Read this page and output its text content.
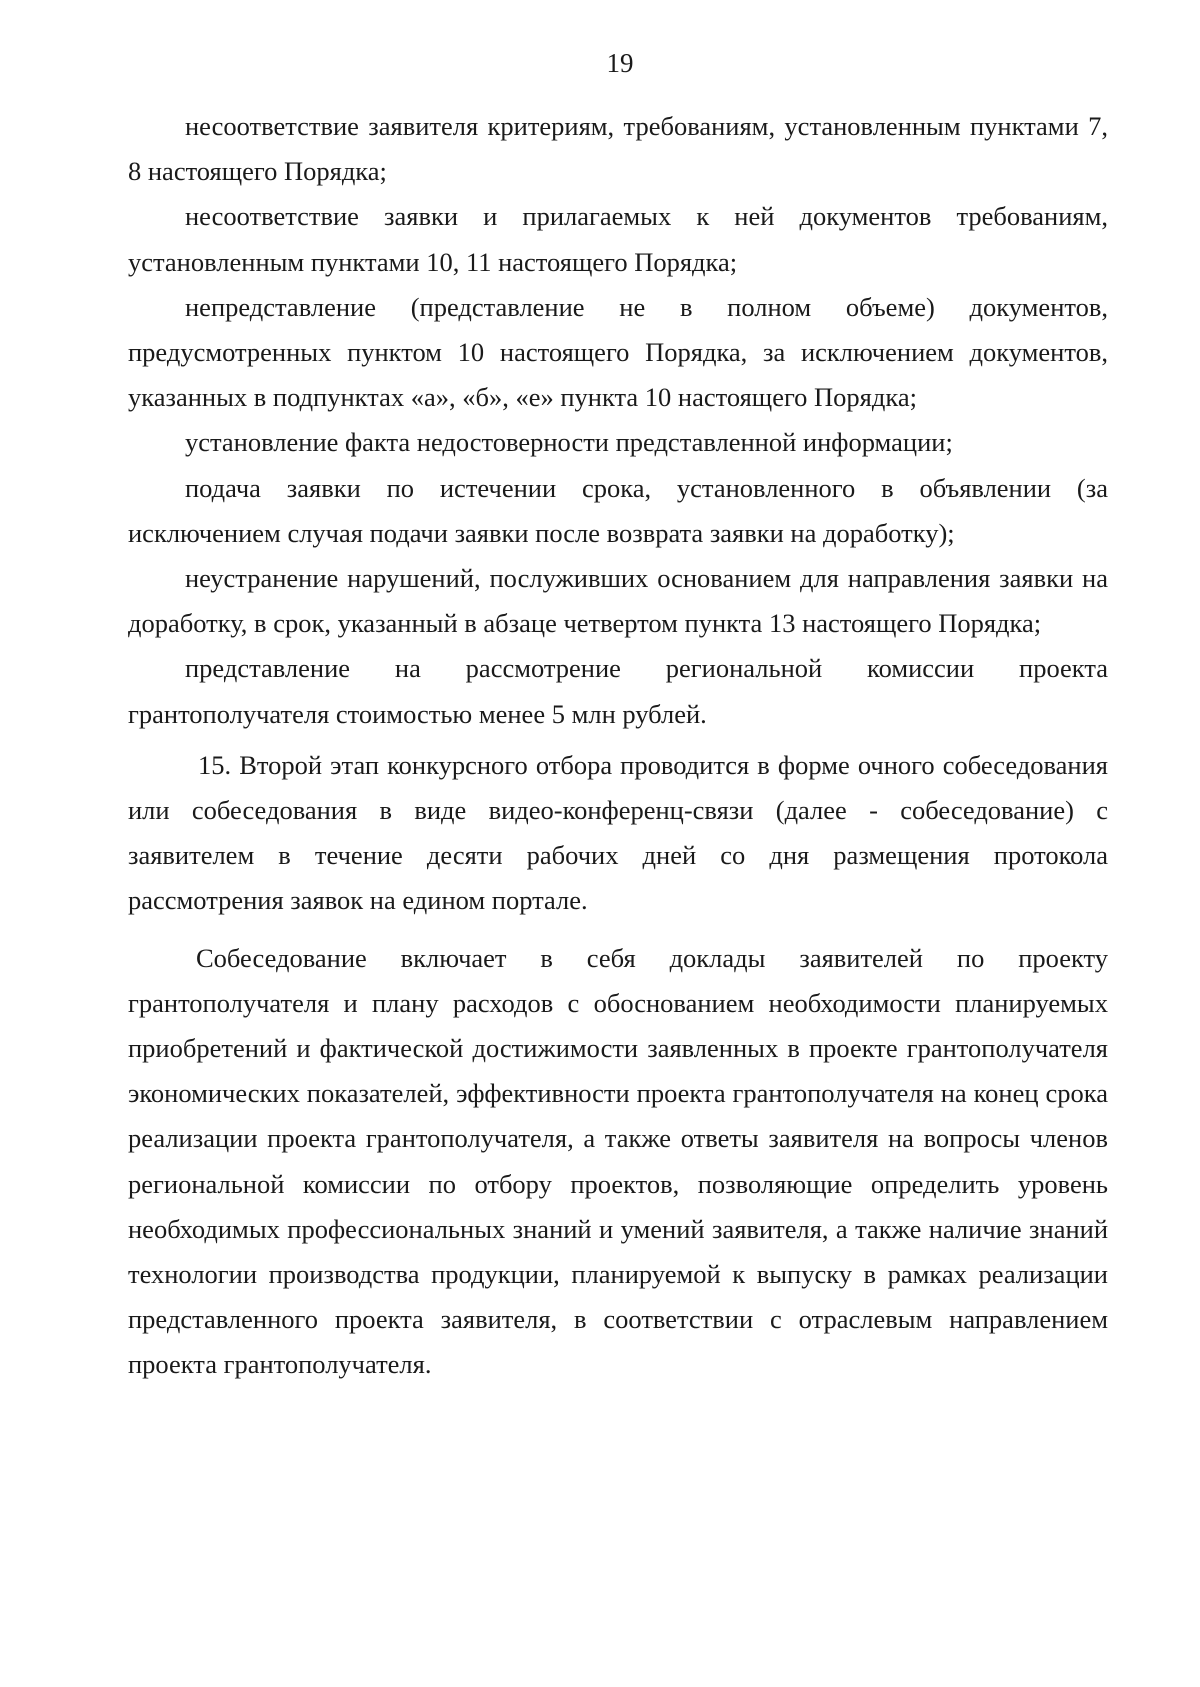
19

несоответствие заявителя критериям, требованиям, установленным пунктами 7, 8 настоящего Порядка;

несоответствие заявки и прилагаемых к ней документов требованиям, установленным пунктами 10, 11 настоящего Порядка;

непредставление (представление не в полном объеме) документов, предусмотренных пунктом 10 настоящего Порядка, за исключением документов, указанных в подпунктах «а», «б», «е» пункта 10 настоящего Порядка;

установление факта недостоверности представленной информации;

подача заявки по истечении срока, установленного в объявлении (за исключением случая подачи заявки после возврата заявки на доработку);

неустранение нарушений, послуживших основанием для направления заявки на доработку, в срок, указанный в абзаце четвертом пункта 13 настоящего Порядка;

представление на рассмотрение региональной комиссии проекта грантополучателя стоимостью менее 5 млн рублей.

15. Второй этап конкурсного отбора проводится в форме очного собеседования или собеседования в виде видео-конференц-связи (далее - собеседование) с заявителем в течение десяти рабочих дней со дня размещения протокола рассмотрения заявок на едином портале.

Собеседование включает в себя доклады заявителей по проекту грантополучателя и плану расходов с обоснованием необходимости планируемых приобретений и фактической достижимости заявленных в проекте грантополучателя экономических показателей, эффективности проекта грантополучателя на конец срока реализации проекта грантополучателя, а также ответы заявителя на вопросы членов региональной комиссии по отбору проектов, позволяющие определить уровень необходимых профессиональных знаний и умений заявителя, а также наличие знаний технологии производства продукции, планируемой к выпуску в рамках реализации представленного проекта заявителя, в соответствии с отраслевым направлением проекта грантополучателя.
